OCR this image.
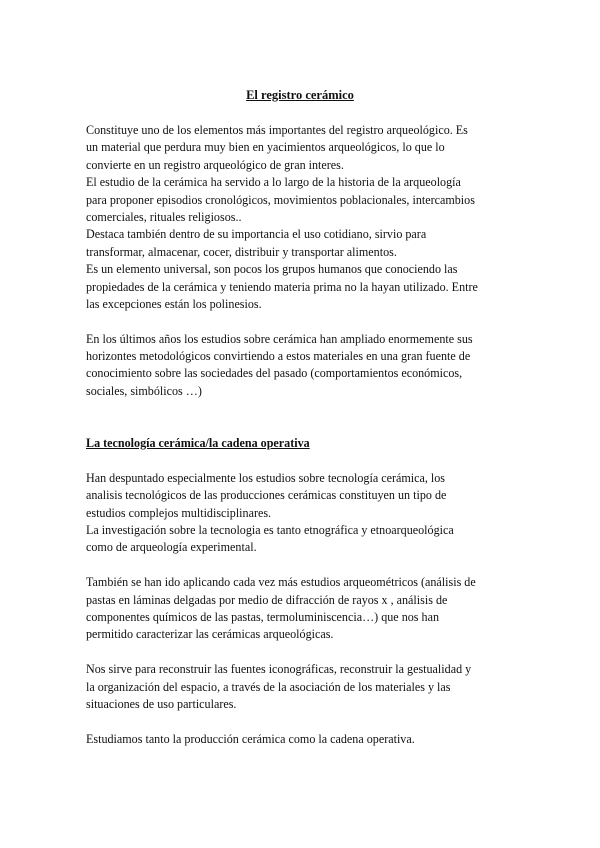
El registro cerámico

Constituye uno de los elementos más importantes del registro arqueológico. Es
un material que perdura muy bien en yacimientos arqueológicos, lo que lo
convierte en un registro arqueológico de gran interes.
El estudio de la cerámica ha servido a lo largo de la historia de la arqueología
para proponer episodios cronológicos, movimientos poblacionales, intercambios
comerciales, rituales religiosos..
Destaca también dentro de su importancia el uso cotidiano, sirvio para
transformar, almacenar, cocer, distribuir y transportar alimentos.
Es un elemento universal, son pocos los grupos humanos que conociendo las
propiedades de la cerámica y teniendo materia prima no la hayan utilizado. Entre
las excepciones están los polinesios.

En los últimos años los estudios sobre cerámica han ampliado enormemente sus
horizontes metodológicos convirtiendo a estos materiales en una gran fuente de
conocimiento sobre las sociedades del pasado (comportamientos económicos,
sociales, simbólicos …)

La tecnología cerámica/la cadena operativa

Han despuntado especialmente los estudios sobre tecnología cerámica, los
analisis tecnológicos de las producciones cerámicas constituyen un tipo de
estudios complejos multidisciplinares.
La investigación sobre la tecnologia es tanto etnográfica y etnoarqueológica
como de arqueología experimental.

También se han ido aplicando cada vez más estudios arqueométricos (análisis de
pastas en láminas delgadas por medio de difracción de rayos x , análisis de
componentes químicos de las pastas, termoluminiscencia…) que nos han
permitido caracterizar las cerámicas arqueológicas.

Nos sirve para reconstruir las fuentes iconográficas, reconstruir la gestualidad y
la organización del espacio, a través de la asociación de los materiales y las
situaciones de uso particulares.

Estudiamos tanto la producción cerámica como la cadena operativa.
